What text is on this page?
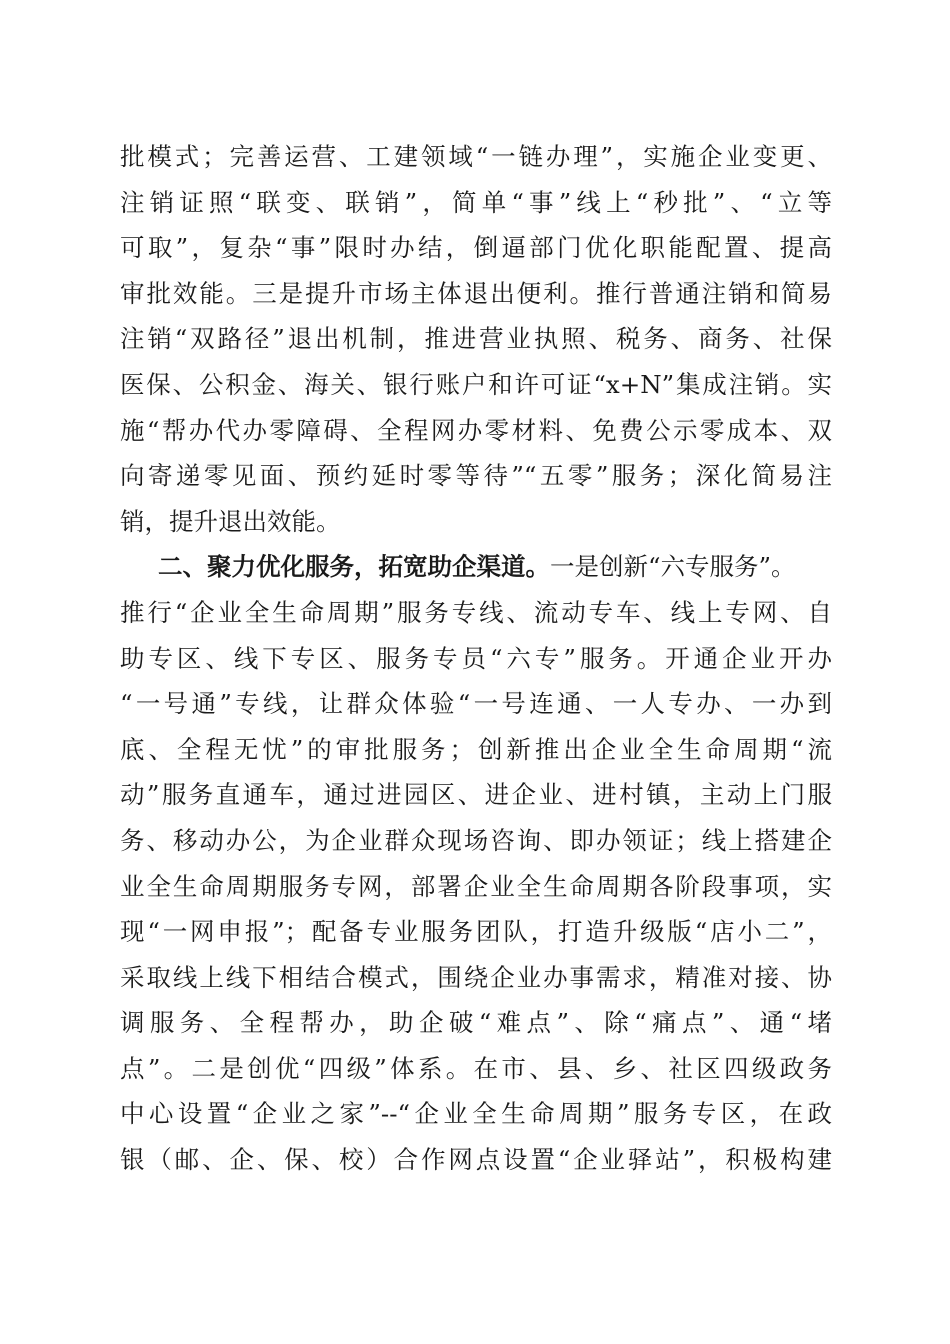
批模式；完善运营、工建领域“一链办理”，实施企业变更、
注销证照“联变、联销”，简单“事”线上“秒批”、“立等
可取”，复杂“事”限时办结，倒逼部门优化职能配置、提高
审批效能。三是提升市场主体退出便利。推行普通注销和简易
注销“双路径”退出机制，推进营业执照、税务、商务、社保
医保、公积金、海关、银行账户和许可证“x+N”集成注销。实
施“帮办代办零障碍、全程网办零材料、免费公示零成本、双
向寄递零见面、预约延时零等待”“五零”服务；深化简易注
销，提升退出效能。
二、聚力优化服务，拓宽助企渠道。一是创新“六专服务”。
推行“企业全生命周期”服务专线、流动专车、线上专网、自
助专区、线下专区、服务专员“六专”服务。开通企业开办
“一号通”专线，让群众体验“一号连通、一人专办、一办到
底、全程无忧”的审批服务；创新推出企业全生命周期“流
动”服务直通车，通过进园区、进企业、进村镇，主动上门服
务、移动办公，为企业群众现场咨询、即办领证；线上搭建企
业全生命周期服务专网，部署企业全生命周期各阶段事项，实
现“一网申报”；配备专业服务团队，打造升级版“店小二”，
采取线上线下相结合模式，围绕企业办事需求，精准对接、协
调服务、全程帮办，助企破“难点”、除“痛点”、通“堵
点”。二是创优“四级”体系。在市、县、乡、社区四级政务
中心设置“企业之家”--“企业全生命周期”服务专区，在政
银（邮、企、保、校）合作网点设置“企业驿站”，积极构建
